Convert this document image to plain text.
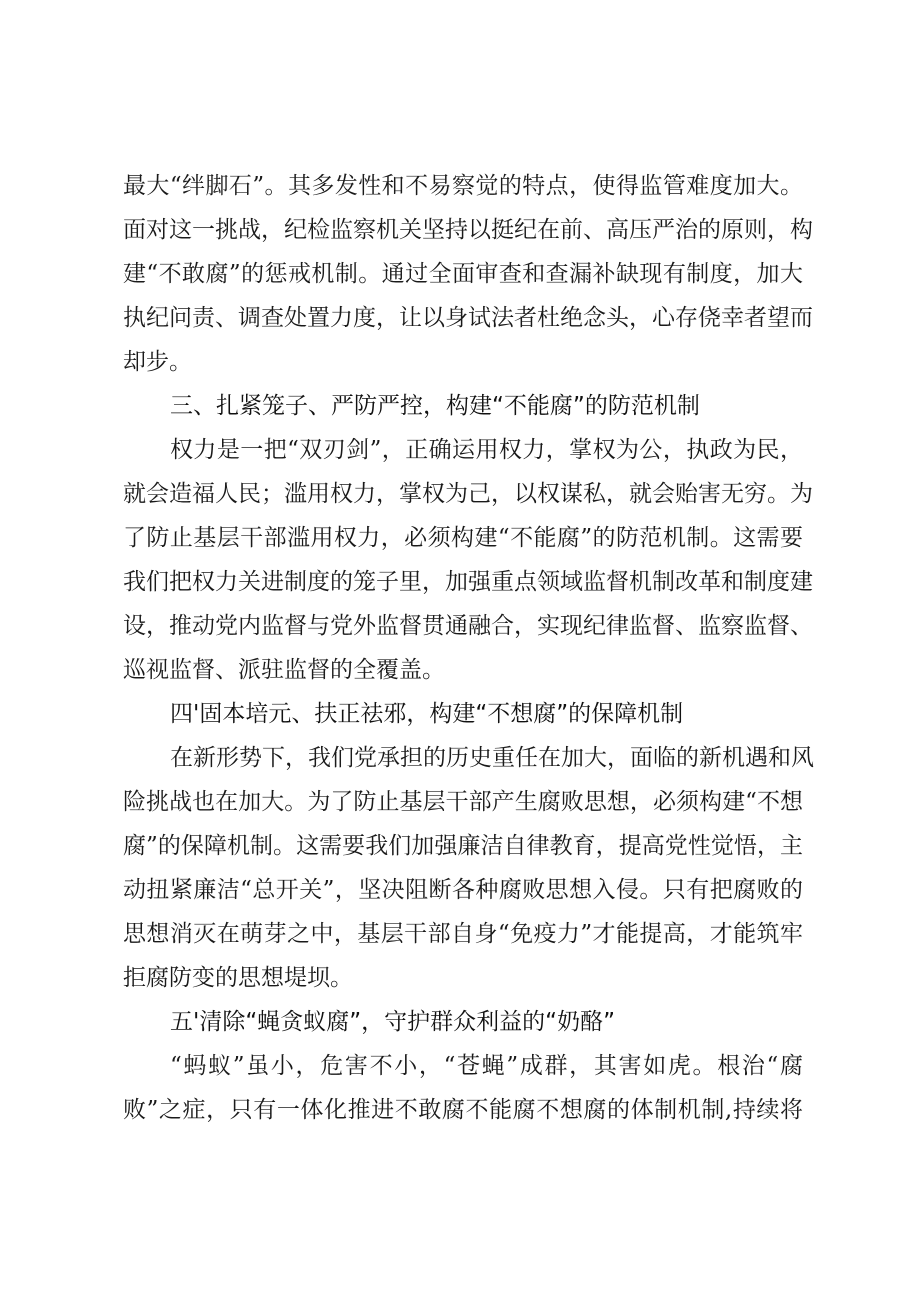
最大“绊脚石”。其多发性和不易察觉的特点，使得监管难度加大。
面对这一挑战，纪检监察机关坚持以挺纪在前、高压严治的原则，构
建“不敢腐”的惩戒机制。通过全面审查和查漏补缺现有制度，加大
执纪问责、调查处置力度，让以身试法者杜绝念头，心存侥幸者望而
却步。
三、扎紧笼子、严防严控，构建“不能腐”的防范机制
权力是一把“双刃剑”，正确运用权力，掌权为公，执政为民，
就会造福人民；滥用权力，掌权为己，以权谋私，就会贻害无穷。为
了防止基层干部滥用权力，必须构建“不能腐”的防范机制。这需要
我们把权力关进制度的笼子里，加强重点领域监督机制改革和制度建
设，推动党内监督与党外监督贯通融合，实现纪律监督、监察监督、
巡视监督、派驻监督的全覆盖。
四'固本培元、扶正祛邪，构建“不想腐”的保障机制
在新形势下，我们党承担的历史重任在加大，面临的新机遇和风
险挑战也在加大。为了防止基层干部产生腐败思想，必须构建“不想
腐”的保障机制。这需要我们加强廉洁自律教育，提高党性觉悟，主
动扭紧廉洁“总开关”，坚决阻断各种腐败思想入侵。只有把腐败的
思想消灭在萌芽之中，基层干部自身“免疫力”才能提高，才能筑牢
拒腐防变的思想堤坝。
五'清除“蝇贪蚁腐”，守护群众利益的“奶酪”
“蚂蚁”虽小，危害不小，“苍蝇”成群，其害如虎。根治“腐
败”之症，只有一体化推进不敢腐不能腐不想腐的体制机制,持续将
